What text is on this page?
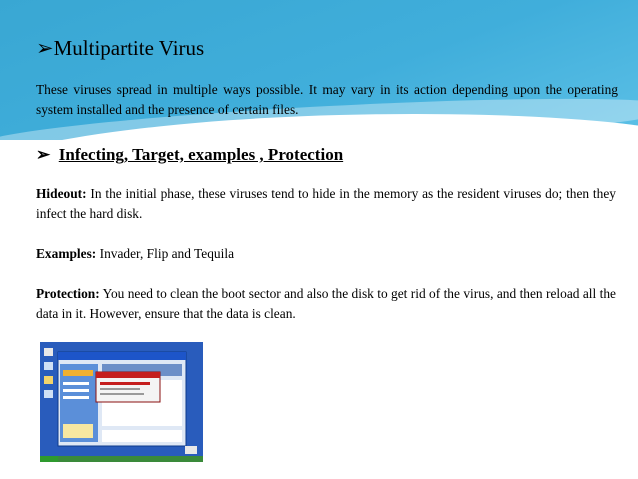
➢Multipartite Virus
These viruses spread in multiple ways possible. It may vary in its action depending upon the operating system installed and the presence of certain files.
➢ Infecting, Target, examples , Protection
Hideout: In the initial phase, these viruses tend to hide in the memory as the resident viruses do; then they infect the hard disk.
Examples: Invader, Flip and Tequila
Protection: You need to clean the boot sector and also the disk to get rid of the virus, and then reload all the data in it. However, ensure that the data is clean.
